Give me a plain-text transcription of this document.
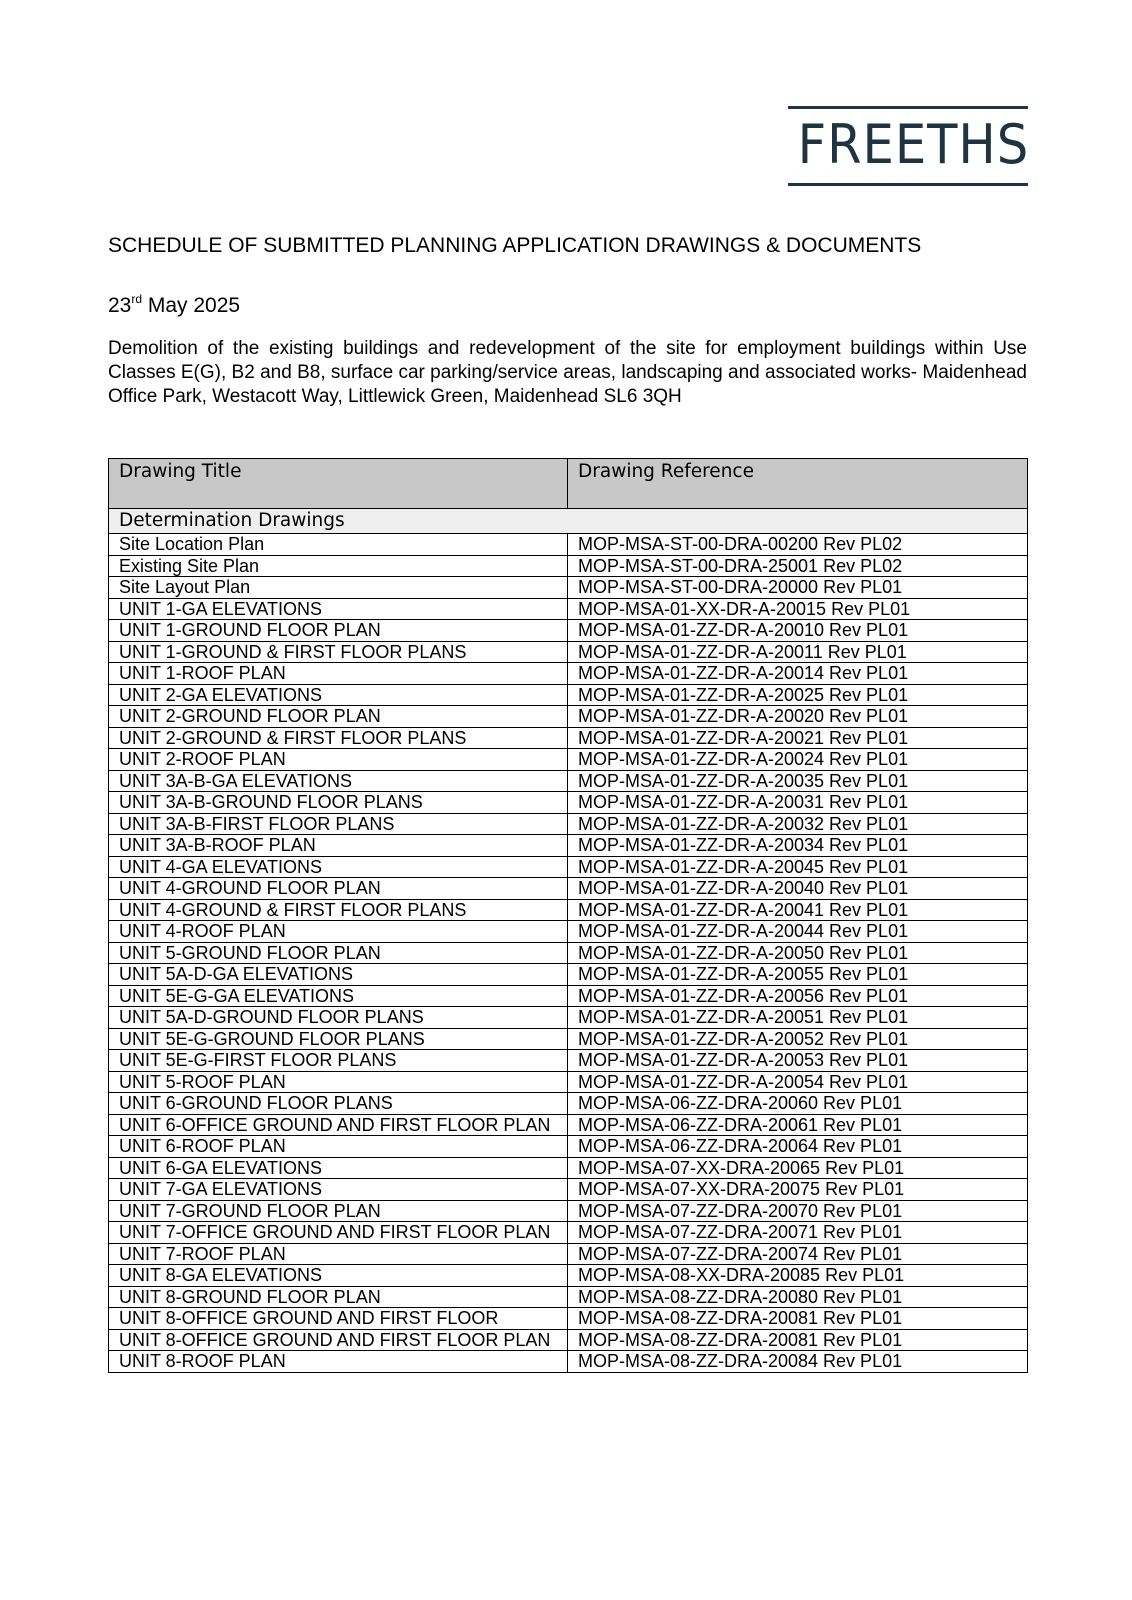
FREETHS
SCHEDULE OF SUBMITTED PLANNING APPLICATION DRAWINGS & DOCUMENTS
23rd May 2025
Demolition of the existing buildings and redevelopment of the site for employment buildings within Use Classes E(G), B2 and B8, surface car parking/service areas, landscaping and associated works- Maidenhead Office Park, Westacott Way, Littlewick Green, Maidenhead SL6 3QH
Drawing Title	Drawing Reference
Determination Drawings	
Site Location Plan	MOP-MSA-ST-00-DRA-00200 Rev PL02
Existing Site Plan	MOP-MSA-ST-00-DRA-25001 Rev PL02
Site Layout Plan	MOP-MSA-ST-00-DRA-20000 Rev PL01
UNIT 1-GA ELEVATIONS	MOP-MSA-01-XX-DR-A-20015 Rev PL01
UNIT 1-GROUND FLOOR PLAN	MOP-MSA-01-ZZ-DR-A-20010 Rev PL01
UNIT 1-GROUND & FIRST FLOOR PLANS	MOP-MSA-01-ZZ-DR-A-20011 Rev PL01
UNIT 1-ROOF PLAN	MOP-MSA-01-ZZ-DR-A-20014 Rev PL01
UNIT 2-GA ELEVATIONS	MOP-MSA-01-ZZ-DR-A-20025 Rev PL01
UNIT 2-GROUND FLOOR PLAN	MOP-MSA-01-ZZ-DR-A-20020 Rev PL01
UNIT 2-GROUND & FIRST FLOOR PLANS	MOP-MSA-01-ZZ-DR-A-20021 Rev PL01
UNIT 2-ROOF PLAN	MOP-MSA-01-ZZ-DR-A-20024 Rev PL01
UNIT 3A-B-GA ELEVATIONS	MOP-MSA-01-ZZ-DR-A-20035 Rev PL01
UNIT 3A-B-GROUND FLOOR PLANS	MOP-MSA-01-ZZ-DR-A-20031 Rev PL01
UNIT 3A-B-FIRST FLOOR PLANS	MOP-MSA-01-ZZ-DR-A-20032 Rev PL01
UNIT 3A-B-ROOF PLAN	MOP-MSA-01-ZZ-DR-A-20034 Rev PL01
UNIT 4-GA ELEVATIONS	MOP-MSA-01-ZZ-DR-A-20045 Rev PL01
UNIT 4-GROUND FLOOR PLAN	MOP-MSA-01-ZZ-DR-A-20040 Rev PL01
UNIT 4-GROUND & FIRST FLOOR PLANS	MOP-MSA-01-ZZ-DR-A-20041 Rev PL01
UNIT 4-ROOF PLAN	MOP-MSA-01-ZZ-DR-A-20044 Rev PL01
UNIT 5-GROUND FLOOR PLAN	MOP-MSA-01-ZZ-DR-A-20050 Rev PL01
UNIT 5A-D-GA ELEVATIONS	MOP-MSA-01-ZZ-DR-A-20055 Rev PL01
UNIT 5E-G-GA ELEVATIONS	MOP-MSA-01-ZZ-DR-A-20056 Rev PL01
UNIT 5A-D-GROUND FLOOR PLANS	MOP-MSA-01-ZZ-DR-A-20051 Rev PL01
UNIT 5E-G-GROUND FLOOR PLANS	MOP-MSA-01-ZZ-DR-A-20052 Rev PL01
UNIT 5E-G-FIRST FLOOR PLANS	MOP-MSA-01-ZZ-DR-A-20053 Rev PL01
UNIT 5-ROOF PLAN	MOP-MSA-01-ZZ-DR-A-20054 Rev PL01
UNIT 6-GROUND FLOOR PLANS	MOP-MSA-06-ZZ-DRA-20060 Rev PL01
UNIT 6-OFFICE GROUND AND FIRST FLOOR PLAN	MOP-MSA-06-ZZ-DRA-20061 Rev PL01
UNIT 6-ROOF PLAN	MOP-MSA-06-ZZ-DRA-20064 Rev PL01
UNIT 6-GA ELEVATIONS	MOP-MSA-07-XX-DRA-20065 Rev PL01
UNIT 7-GA ELEVATIONS	MOP-MSA-07-XX-DRA-20075 Rev PL01
UNIT 7-GROUND FLOOR PLAN	MOP-MSA-07-ZZ-DRA-20070 Rev PL01
UNIT 7-OFFICE GROUND AND FIRST FLOOR PLAN	MOP-MSA-07-ZZ-DRA-20071 Rev PL01
UNIT 7-ROOF PLAN	MOP-MSA-07-ZZ-DRA-20074 Rev PL01
UNIT 8-GA ELEVATIONS	MOP-MSA-08-XX-DRA-20085 Rev PL01
UNIT 8-GROUND FLOOR PLAN	MOP-MSA-08-ZZ-DRA-20080 Rev PL01
UNIT 8-OFFICE GROUND AND FIRST FLOOR	MOP-MSA-08-ZZ-DRA-20081 Rev PL01
UNIT 8-OFFICE GROUND AND FIRST FLOOR PLAN	MOP-MSA-08-ZZ-DRA-20081 Rev PL01
UNIT 8-ROOF PLAN	MOP-MSA-08-ZZ-DRA-20084 Rev PL01
